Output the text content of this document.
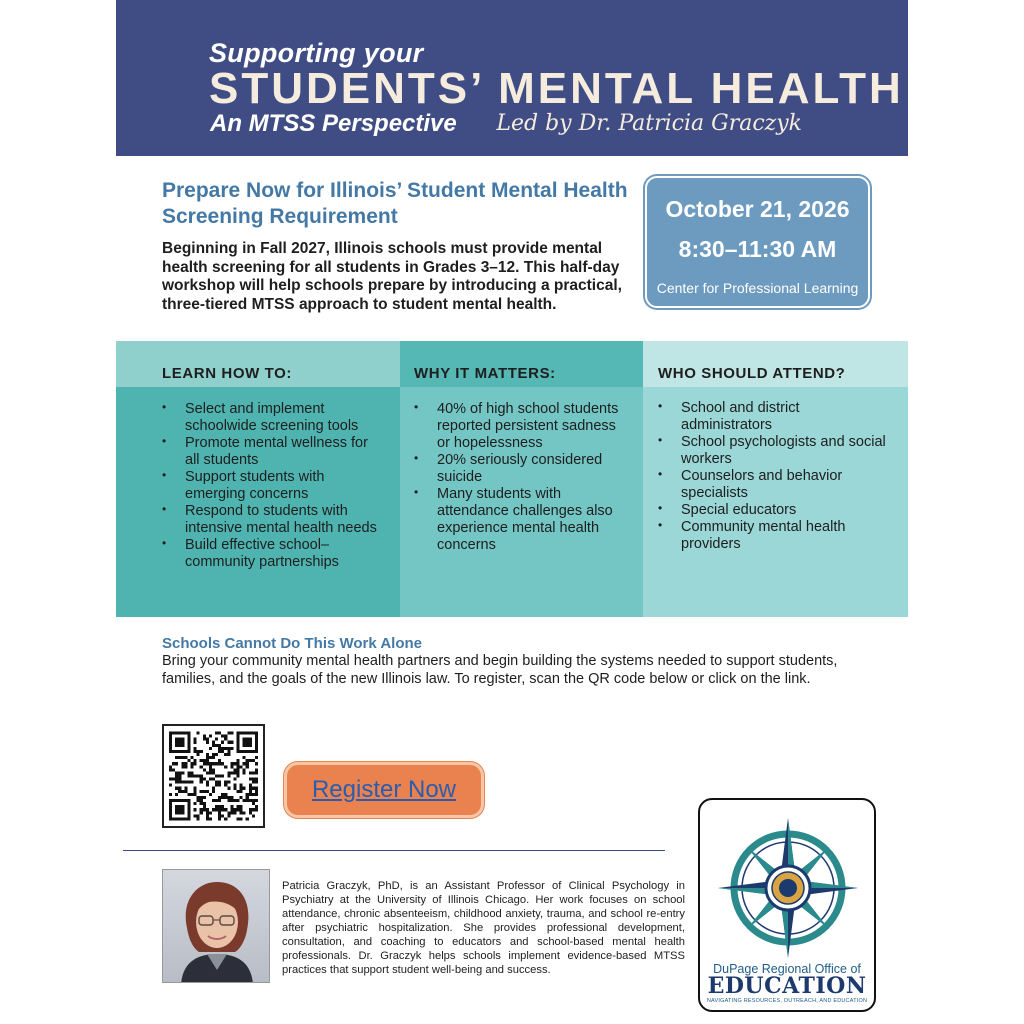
Supporting your
STUDENTS’ MENTAL HEALTH
An MTSS Perspective Led by Dr. Patricia Graczyk
Prepare Now for Illinois’ Student Mental Health Screening Requirement
Beginning in Fall 2027, Illinois schools must provide mental health screening for all students in Grades 3–12. This half-day workshop will help schools prepare by introducing a practical, three-tiered MTSS approach to student mental health.
October 21, 2026
8:30–11:30 AM
Center for Professional Learning
LEARN HOW TO:
• Select and implement schoolwide screening tools
• Promote mental wellness for all students
• Support students with emerging concerns
• Respond to students with intensive mental health needs
• Build effective school–community partnerships
WHY IT MATTERS:
• 40% of high school students reported persistent sadness or hopelessness
• 20% seriously considered suicide
• Many students with attendance challenges also experience mental health concerns
WHO SHOULD ATTEND?
• School and district administrators
• School psychologists and social workers
• Counselors and behavior specialists
• Special educators
• Community mental health providers
Schools Cannot Do This Work Alone
Bring your community mental health partners and begin building the systems needed to support students, families, and the goals of the new Illinois law. To register, scan the QR code below or click on the link.
Register Now
Patricia Graczyk, PhD, is an Assistant Professor of Clinical Psychology in Psychiatry at the University of Illinois Chicago. Her work focuses on school attendance, chronic absenteeism, childhood anxiety, trauma, and school re-entry after psychiatric hospitalization. She provides professional development, consultation, and coaching to educators and school-based mental health professionals. Dr. Graczyk helps schools implement evidence-based MTSS practices that support student well-being and success.	DuPage Regional Office of
EDUCATION
NAVIGATING RESOURCES, OUTREACH, AND EDUCATION
